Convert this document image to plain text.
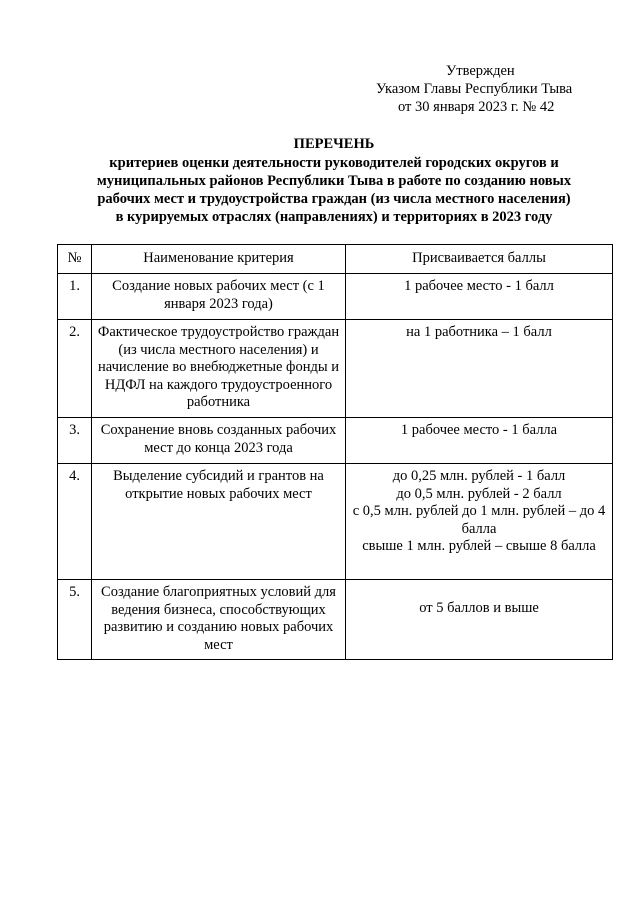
Утвержден
Указом Главы Республики Тыва
от 30 января 2023 г. № 42
ПЕРЕЧЕНЬ
критериев оценки деятельности руководителей городских округов и
муниципальных районов Республики Тыва в работе по созданию новых
рабочих мест и трудоустройства граждан (из числа местного населения)
в курируемых отраслях (направлениях) и территориях в 2023 году
№	Наименование критерия	Присваивается баллы
1.	Создание новых рабочих мест (с 1 января 2023 года)	1 рабочее место - 1 балл

2.	Фактическое трудоустройство граждан (из числа местного населения) и начисление во внебюджетные фонды и НДФЛ на каждого трудоустроенного работника	на 1 работника – 1 балл

3.	Сохранение вновь созданных рабочих мест до конца 2023 года	1 рабочее место - 1 балла

4.	Выделение субсидий и грантов на открытие новых рабочих мест	до 0,25 млн. рублей - 1 балл
до 0,5 млн. рублей - 2 балл
с 0,5 млн. рублей до 1 млн. рублей – до 4 балла
свыше 1 млн. рублей – свыше 8 балла

5.	Создание благоприятных условий для ведения бизнеса, способствующих развитию и созданию новых рабочих мест	от 5 баллов и выше
